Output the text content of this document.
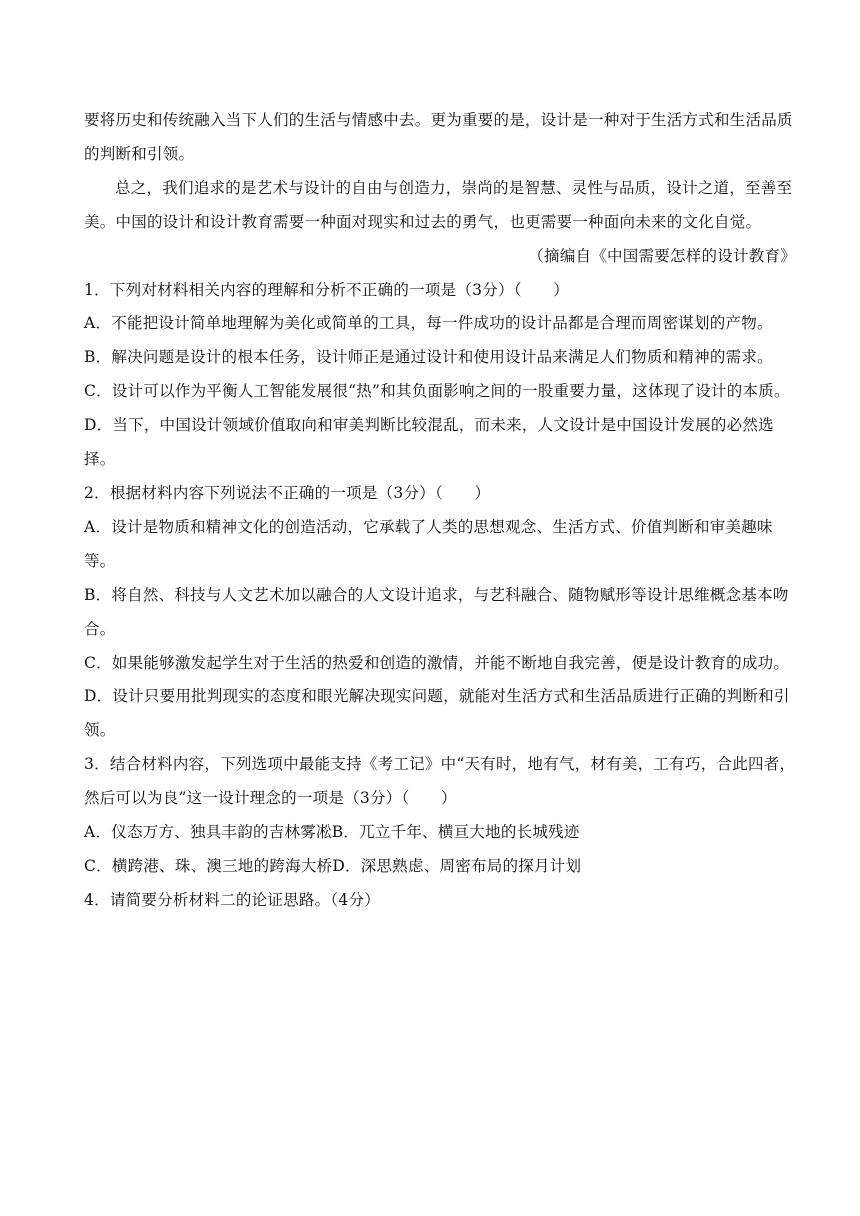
要将历史和传统融入当下人们的生活与情感中去。更为重要的是，设计是一种对于生活方式和生活品质的判断和引领。

总之，我们追求的是艺术与设计的自由与创造力，崇尚的是智慧、灵性与品质，设计之道，至善至美。中国的设计和设计教育需要一种面对现实和过去的勇气，也更需要一种面向未来的文化自觉。

（摘编自《中国需要怎样的设计教育》

1．下列对材料相关内容的理解和分析不正确的一项是（3分）（　　）

A．不能把设计简单地理解为美化或简单的工具，每一件成功的设计品都是合理而周密谋划的产物。

B．解决问题是设计的根本任务，设计师正是通过设计和使用设计品来满足人们物质和精神的需求。

C．设计可以作为平衡人工智能发展很“热”和其负面影响之间的一股重要力量，这体现了设计的本质。

D．当下，中国设计领域价值取向和审美判断比较混乱，而未来，人文设计是中国设计发展的必然选择。

2．根据材料内容下列说法不正确的一项是（3分）（　　）

A．设计是物质和精神文化的创造活动，它承载了人类的思想观念、生活方式、价值判断和审美趣味等。

B．将自然、科技与人文艺术加以融合的人文设计追求，与艺科融合、随物赋形等设计思维概念基本吻合。

C．如果能够激发起学生对于生活的热爱和创造的激情，并能不断地自我完善，便是设计教育的成功。

D．设计只要用批判现实的态度和眼光解决现实问题，就能对生活方式和生活品质进行正确的判断和引领。

3．结合材料内容，下列选项中最能支持《考工记》中“天有时，地有气，材有美，工有巧，合此四者，然后可以为良”这一设计理念的一项是（3分）（　　）

A．仪态万方、独具丰韵的吉林雾凇B．兀立千年、横亘大地的长城残迹

C．横跨港、珠、澳三地的跨海大桥D．深思熟虑、周密布局的探月计划

4．请简要分析材料二的论证思路。（4分）
